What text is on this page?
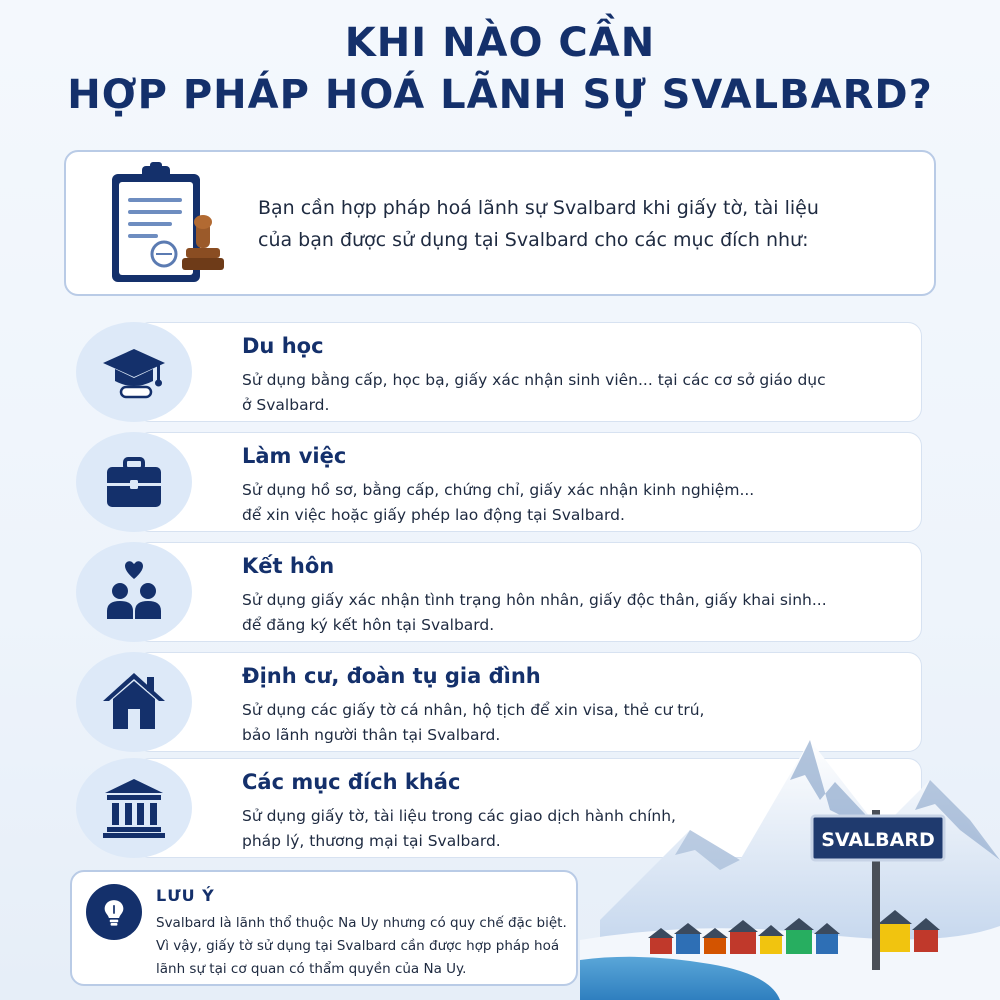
KHI NÀO CẦN
HỢP PHÁP HOÁ LÃNH SỰ SVALBARD?
Bạn cần hợp pháp hoá lãnh sự Svalbard khi giấy tờ, tài liệu
của bạn được sử dụng tại Svalbard cho các mục đích như:
Du học
Sử dụng bằng cấp, học bạ, giấy xác nhận sinh viên... tại các cơ sở giáo dục
ở Svalbard.
Làm việc
Sử dụng hồ sơ, bằng cấp, chứng chỉ, giấy xác nhận kinh nghiệm...
để xin việc hoặc giấy phép lao động tại Svalbard.
Kết hôn
Sử dụng giấy xác nhận tình trạng hôn nhân, giấy độc thân, giấy khai sinh...
để đăng ký kết hôn tại Svalbard.
Định cư, đoàn tụ gia đình
Sử dụng các giấy tờ cá nhân, hộ tịch để xin visa, thẻ cư trú,
bảo lãnh người thân tại Svalbard.
Các mục đích khác
Sử dụng giấy tờ, tài liệu trong các giao dịch hành chính,
pháp lý, thương mại tại Svalbard.	SVALBARD
LƯU Ý
Svalbard là lãnh thổ thuộc Na Uy nhưng có quy chế đặc biệt.
Vì vậy, giấy tờ sử dụng tại Svalbard cần được hợp pháp hoá
lãnh sự tại cơ quan có thẩm quyền của Na Uy.
